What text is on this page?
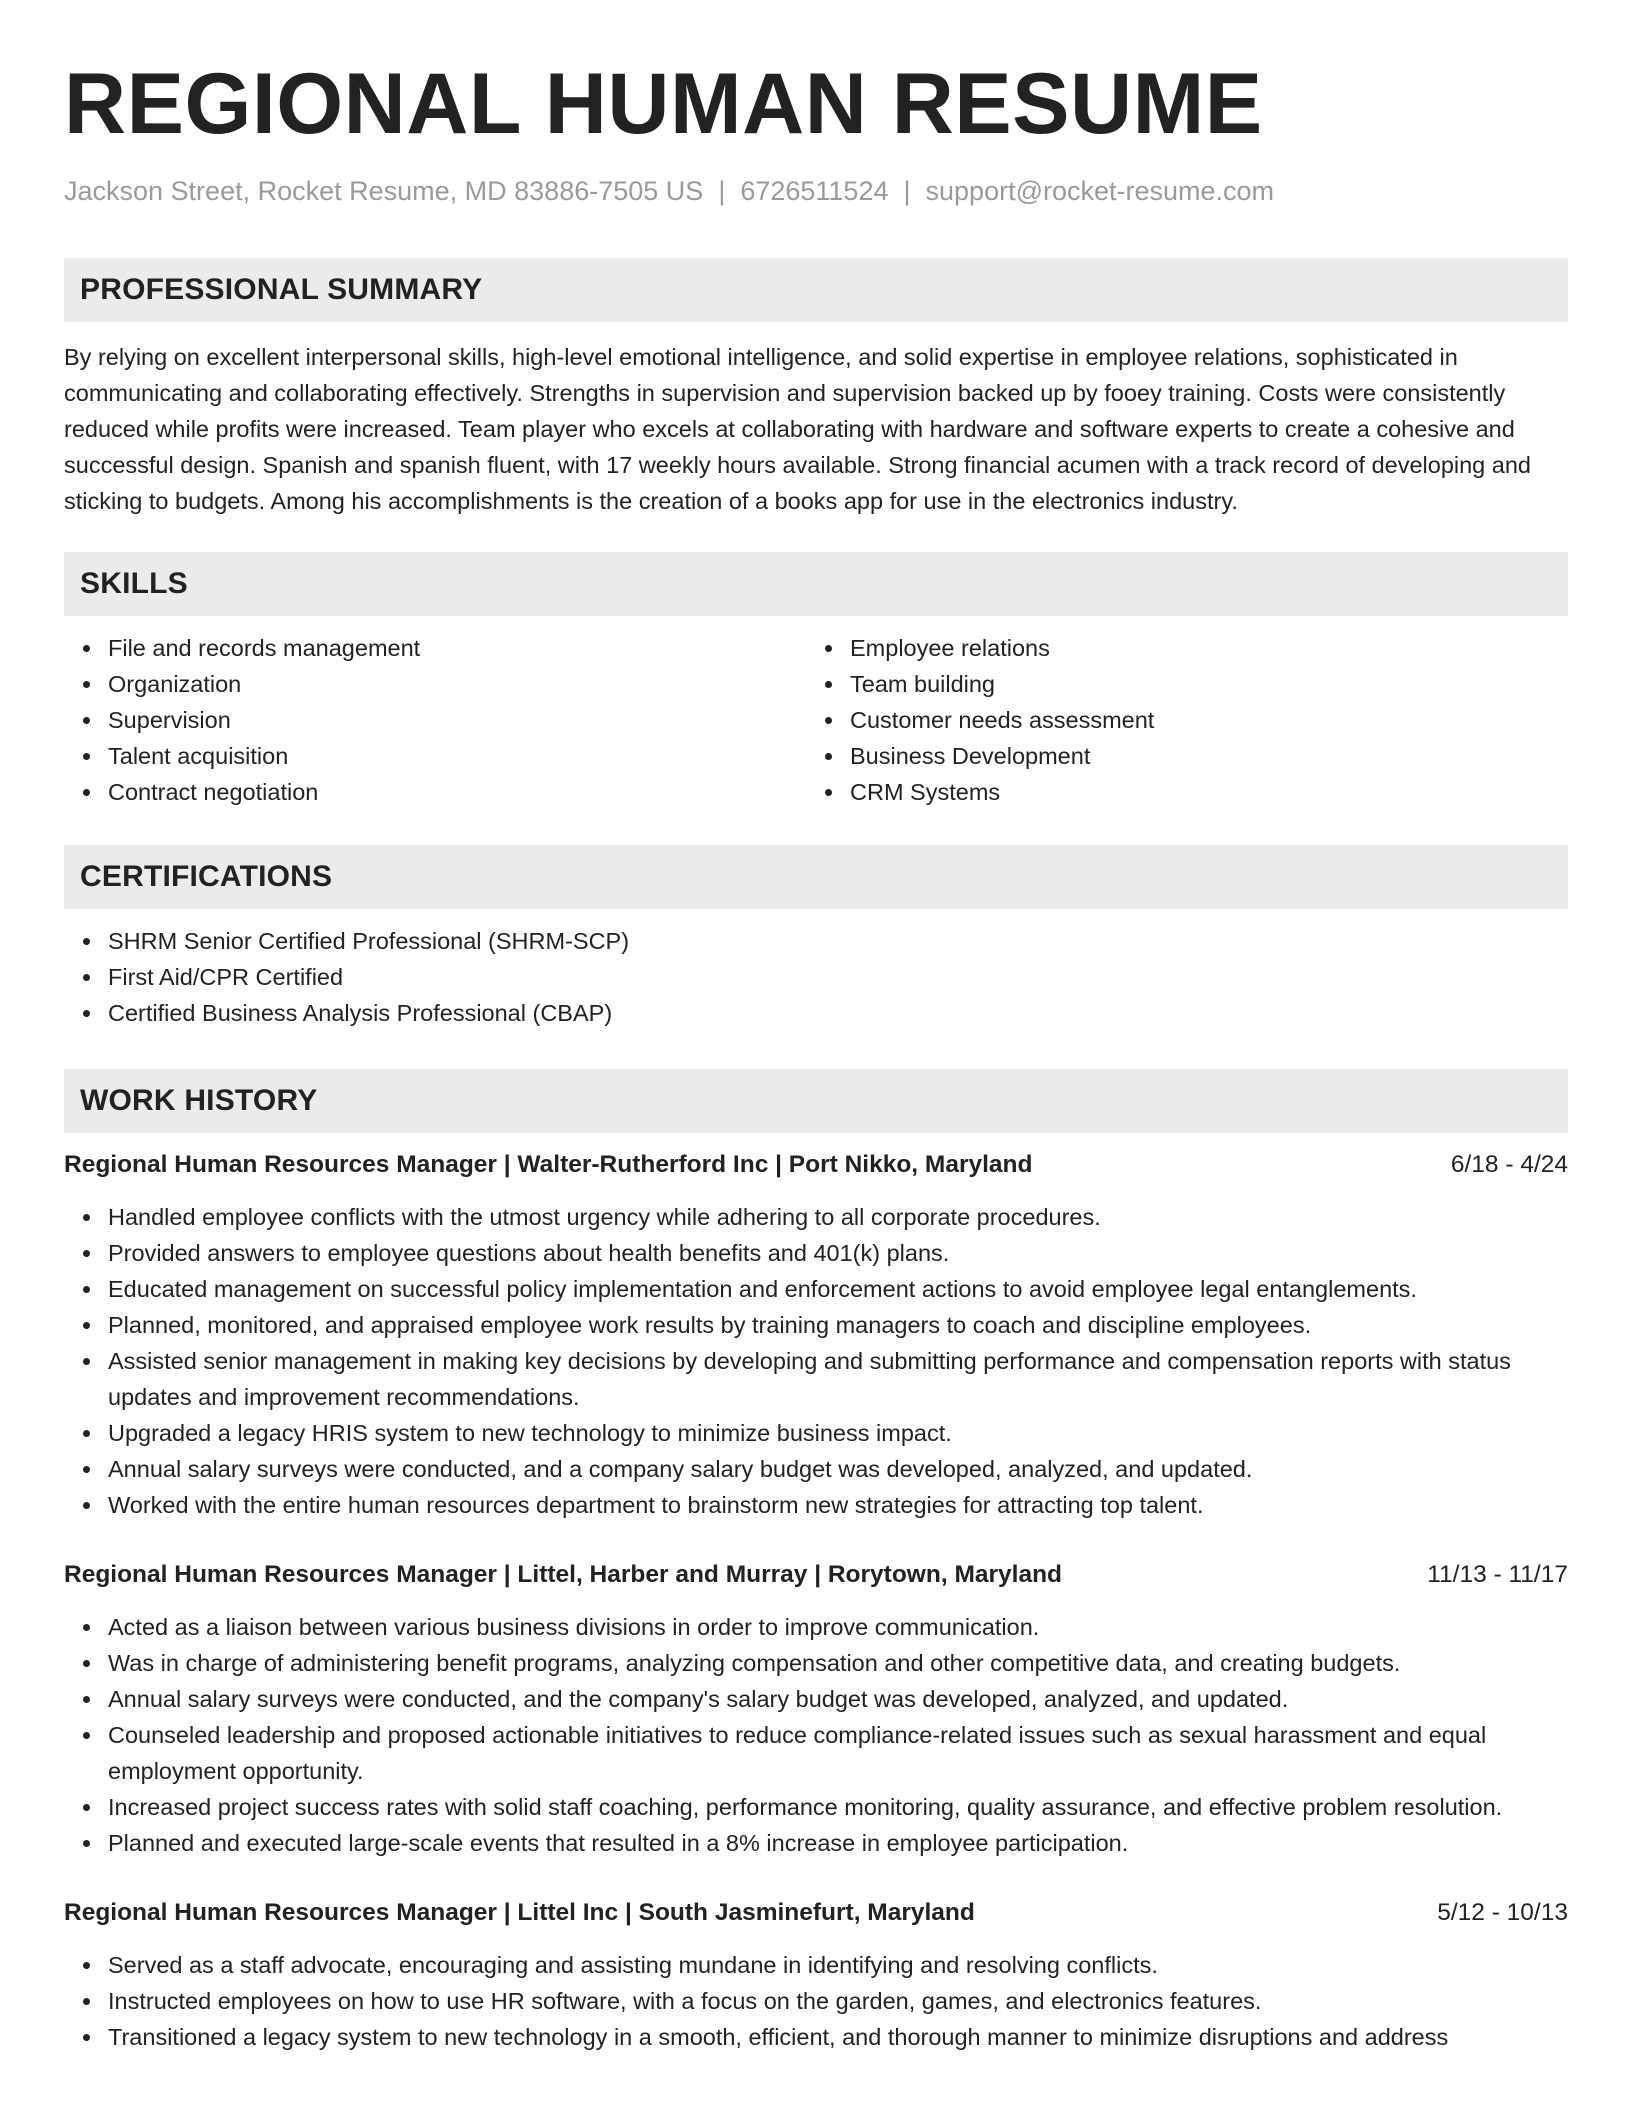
REGIONAL HUMAN RESUME
Jackson Street, Rocket Resume, MD 83886-7505 US | 6726511524 | support@rocket-resume.com
PROFESSIONAL SUMMARY

By relying on excellent interpersonal skills, high-level emotional intelligence, and solid expertise in employee relations, sophisticated in communicating and collaborating effectively. Strengths in supervision and supervision backed up by fooey training. Costs were consistently reduced while profits were increased. Team player who excels at collaborating with hardware and software experts to create a cohesive and successful design. Spanish and spanish fluent, with 17 weekly hours available. Strong financial acumen with a track record of developing and sticking to budgets. Among his accomplishments is the creation of a books app for use in the electronics industry.

SKILLS
File and records management
Organization
Supervision
Talent acquisition
Contract negotiation
Employee relations
Team building
Customer needs assessment
Business Development
CRM Systems
CERTIFICATIONS
SHRM Senior Certified Professional (SHRM-SCP)
First Aid/CPR Certified
Certified Business Analysis Professional (CBAP)
WORK HISTORY
Regional Human Resources Manager | Walter-Rutherford Inc | Port Nikko, Maryland	6/18 - 4/24
Handled employee conflicts with the utmost urgency while adhering to all corporate procedures.
Provided answers to employee questions about health benefits and 401(k) plans.
Educated management on successful policy implementation and enforcement actions to avoid employee legal entanglements.
Planned, monitored, and appraised employee work results by training managers to coach and discipline employees.
Assisted senior management in making key decisions by developing and submitting performance and compensation reports with status updates and improvement recommendations.
Upgraded a legacy HRIS system to new technology to minimize business impact.
Annual salary surveys were conducted, and a company salary budget was developed, analyzed, and updated.
Worked with the entire human resources department to brainstorm new strategies for attracting top talent.
Regional Human Resources Manager | Littel, Harber and Murray | Rorytown, Maryland	11/13 - 11/17
Acted as a liaison between various business divisions in order to improve communication.
Was in charge of administering benefit programs, analyzing compensation and other competitive data, and creating budgets.
Annual salary surveys were conducted, and the company's salary budget was developed, analyzed, and updated.
Counseled leadership and proposed actionable initiatives to reduce compliance-related issues such as sexual harassment and equal employment opportunity.
Increased project success rates with solid staff coaching, performance monitoring, quality assurance, and effective problem resolution.
Planned and executed large-scale events that resulted in a 8% increase in employee participation.
Regional Human Resources Manager | Littel Inc | South Jasminefurt, Maryland	5/12 - 10/13
Served as a staff advocate, encouraging and assisting mundane in identifying and resolving conflicts.
Instructed employees on how to use HR software, with a focus on the garden, games, and electronics features.
Transitioned a legacy system to new technology in a smooth, efficient, and thorough manner to minimize disruptions and address
